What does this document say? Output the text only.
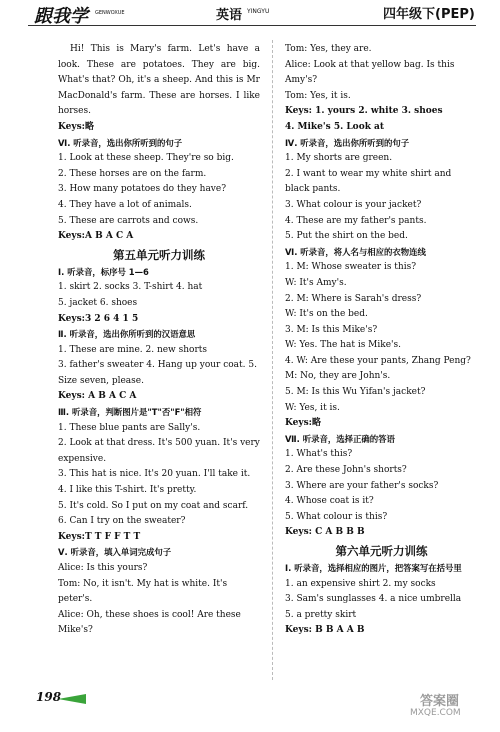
跟我学 GENWOXUE	英语 YINGYU	四年级下(PEP)

Hi! This is Mary's farm. Let's have a look. These are potatoes. They are big. What's that? Oh, it's a sheep. And this is Mr MacDonald's farm. These are horses. I like horses.

Keys:略

Ⅵ. 听录音，选出你所听到的句子

1. Look at these sheep. They're so big.

2. These horses are on the farm.

3. How many potatoes do they have?

4. They have a lot of animals.

5. These are carrots and cows.

Keys:A B A C A

第五单元听力训练

Ⅰ. 听录音，标序号 1—6

1. skirt 2. socks 3. T-shirt 4. hat

5. jacket 6. shoes

Keys:3 2 6 4 1 5

Ⅱ. 听录音，选出你所听到的汉语意思

1. These are mine. 2. new shorts

3. father's sweater 4. Hang up your coat. 5. Size seven, please.

Keys: A B A C A

Ⅲ. 听录音，判断图片是"T"否"F"相符

1. These blue pants are Sally's.

2. Look at that dress. It's 500 yuan. It's very expensive.

3. This hat is nice. It's 20 yuan. I'll take it.

4. I like this T-shirt. It's pretty.

5. It's cold. So I put on my coat and scarf.

6. Can I try on the sweater?

Keys:T T F F T T

Ⅴ. 听录音，填入单词完成句子

Alice: Is this yours?

Tom: No, it isn't. My hat is white. It's peter's.

Alice: Oh, these shoes is cool! Are these Mike's?

Tom: Yes, they are.

Alice: Look at that yellow bag. Is this Amy's?

Tom: Yes, it is.

Keys: 1. yours 2. white 3. shoes

4. Mike's 5. Look at

Ⅳ. 听录音，选出你所听到的句子

1. My shorts are green.

2. I want to wear my white shirt and black pants.

3. What colour is your jacket?

4. These are my father's pants.

5. Put the shirt on the bed.

Ⅵ. 听录音，将人名与相应的衣物连线

1. M: Whose sweater is this?

W: It's Amy's.

2. M: Where is Sarah's dress?

W: It's on the bed.

3. M: Is this Mike's?

W: Yes. The hat is Mike's.

4. W: Are these your pants, Zhang Peng?

M: No, they are John's.

5. M: Is this Wu Yifan's jacket?

W: Yes, it is.

Keys:略

Ⅶ. 听录音，选择正确的答语

1. What's this?

2. Are these John's shorts?

3. Where are your father's socks?

4. Whose coat is it?

5. What colour is this?

Keys: C A B B B

第六单元听力训练

Ⅰ. 听录音，选择相应的图片，把答案写在括号里

1. an expensive shirt 2. my socks

3. Sam's sunglasses 4. a nice umbrella

5. a pretty skirt

Keys: B B A A B

198	答案圈
MXQE.COM
